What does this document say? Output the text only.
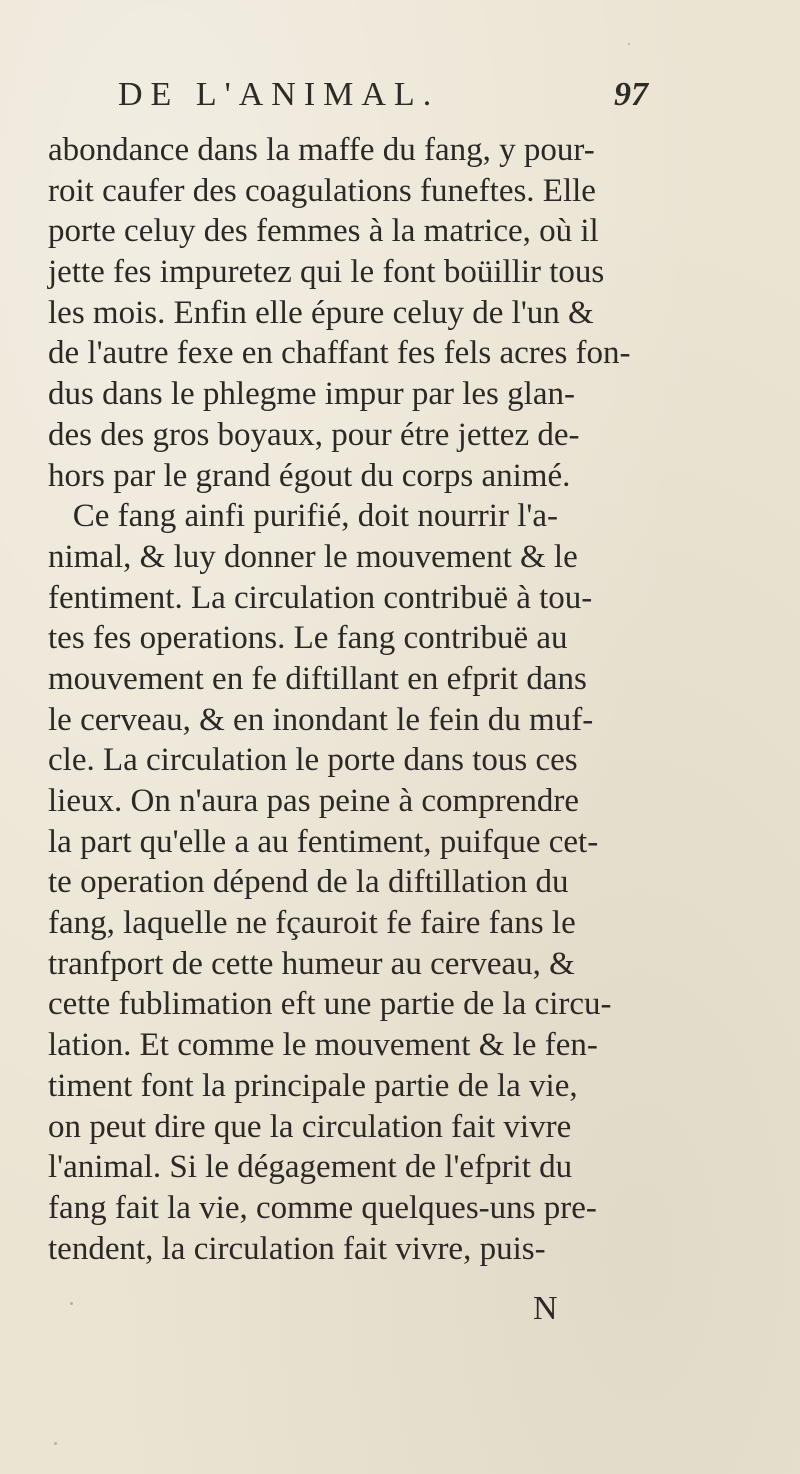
DE L'ANIMAL.	97
abondance dans la maffe du fang, y pour-
roit caufer des coagulations funeftes. Elle
porte celuy des femmes à la matrice, où il
jette fes impuretez qui le font boüillir tous
les mois. Enfin elle épure celuy de l'un &
de l'autre fexe en chaffant fes fels acres fon-
dus dans le phlegme impur par les glan-
des des gros boyaux, pour étre jettez de-
hors par le grand égout du corps animé.
Ce fang ainfi purifié, doit nourrir l'a-
nimal, & luy donner le mouvement & le
fentiment. La circulation contribuë à tou-
tes fes operations. Le fang contribuë au
mouvement en fe diftillant en efprit dans
le cerveau, & en inondant le fein du muf-
cle. La circulation le porte dans tous ces
lieux. On n'aura pas peine à comprendre
la part qu'elle a au fentiment, puifque cet-
te operation dépend de la diftillation du
fang, laquelle ne fçauroit fe faire fans le
tranfport de cette humeur au cerveau, &
cette fublimation eft une partie de la circu-
lation. Et comme le mouvement & le fen-
timent font la principale partie de la vie,
on peut dire que la circulation fait vivre
l'animal. Si le dégagement de l'efprit du
fang fait la vie, comme quelques-uns pre-
tendent, la circulation fait vivre, puis-
N
